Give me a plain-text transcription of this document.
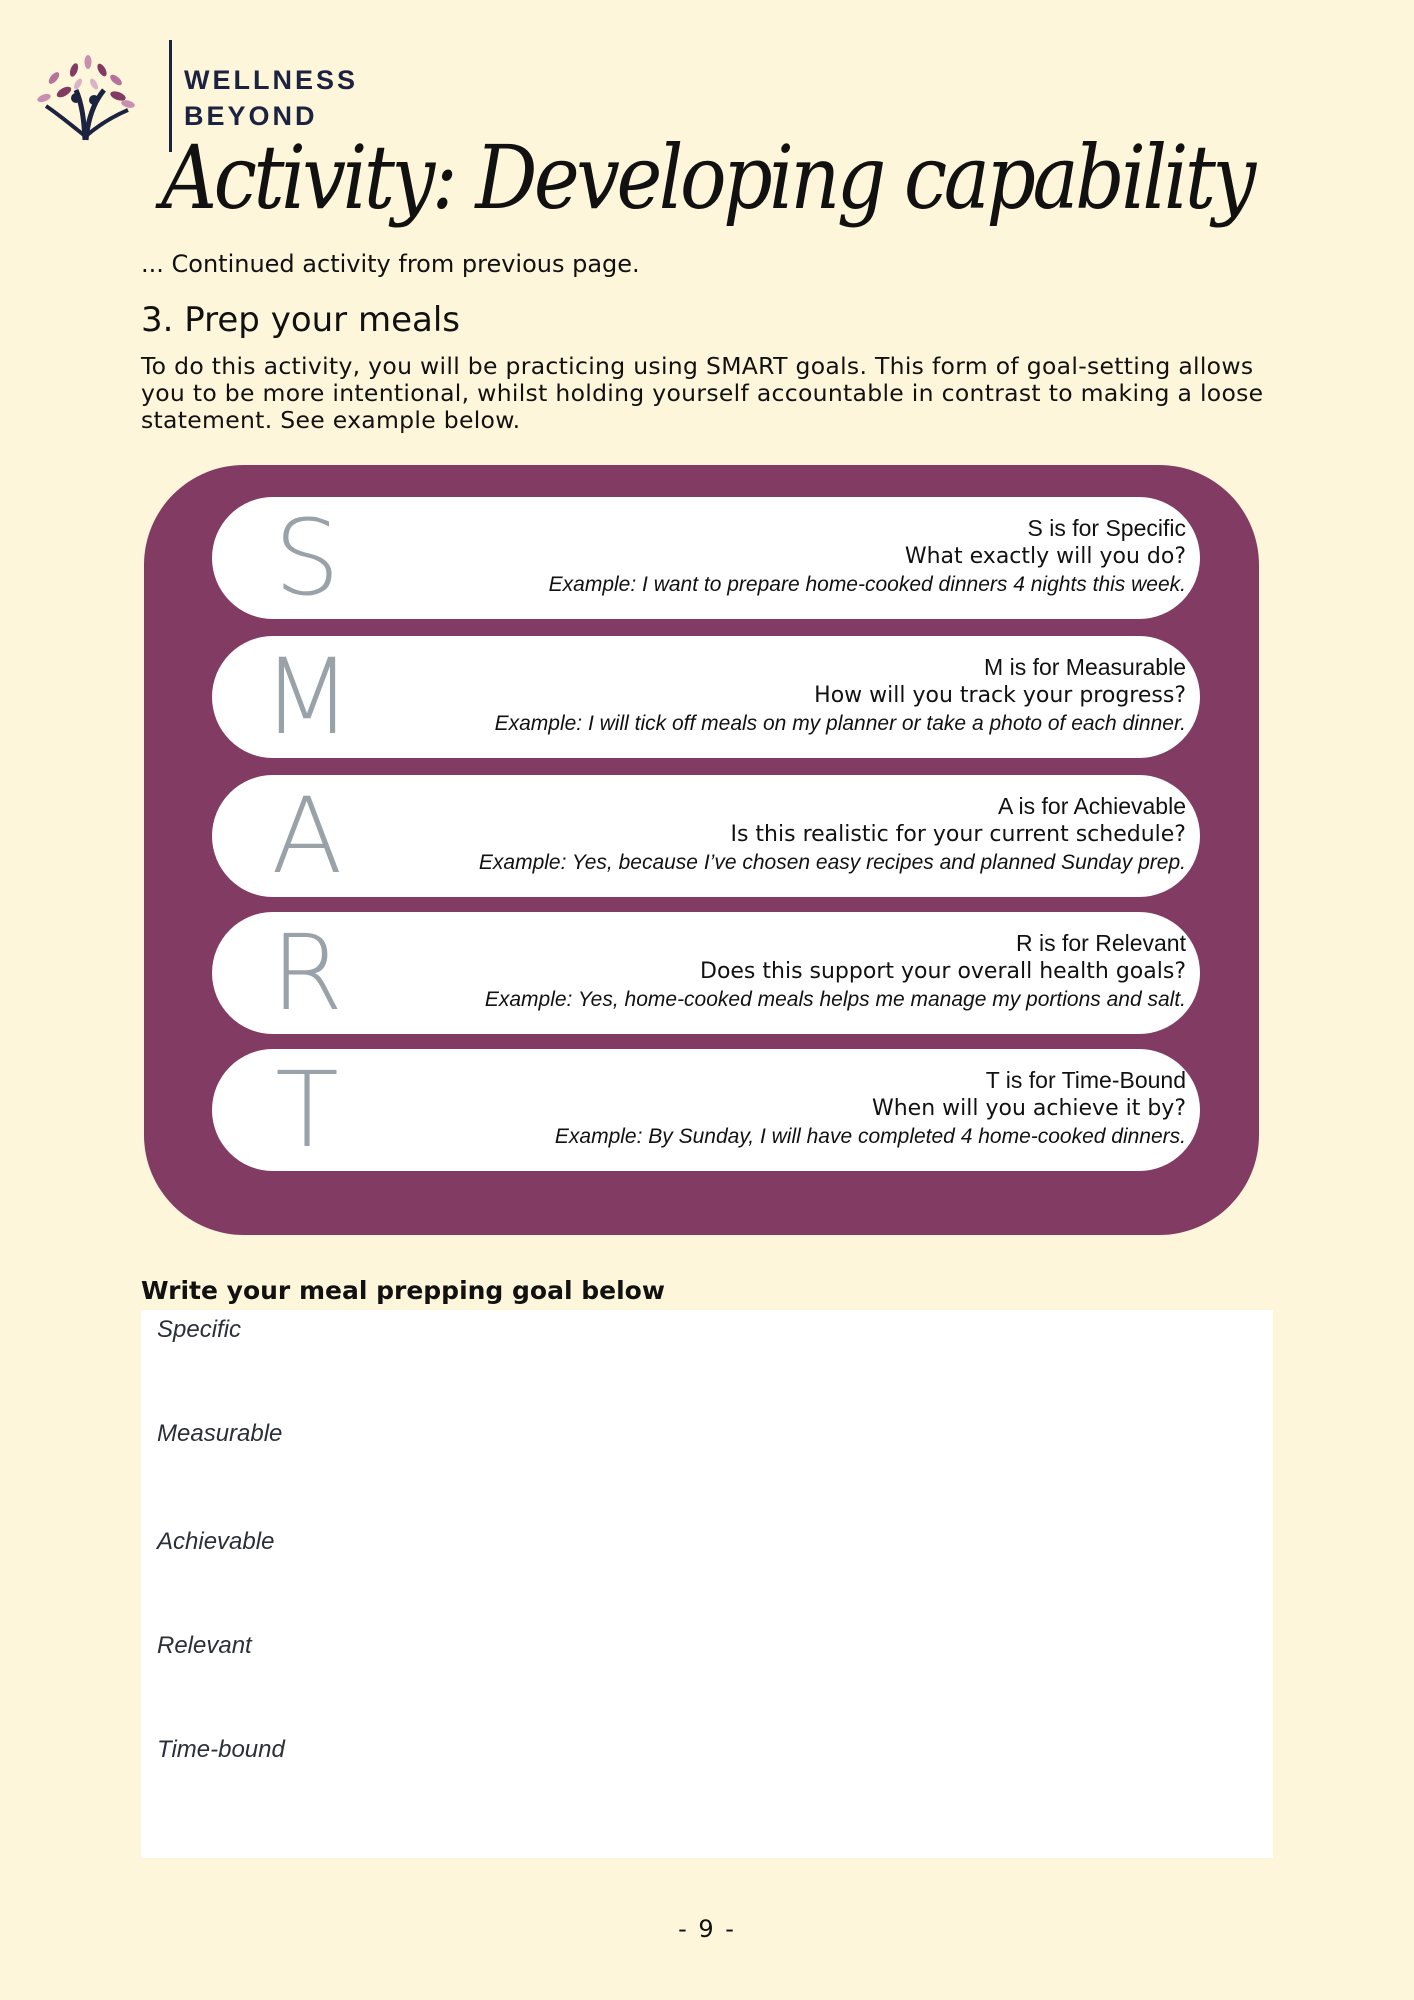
WELLNESS
BEYOND
Activity: Developing capability
... Continued activity from previous page.
3. Prep your meals
To do this activity, you will be practicing using SMART goals. This form of goal-setting allows you to be more intentional, whilst holding yourself accountable in contrast to making a loose statement. See example below.
S	S is for Specific
What exactly will you do?
Example: I want to prepare home-cooked dinners 4 nights this week.
M	M is for Measurable
How will you track your progress?
Example: I will tick off meals on my planner or take a photo of each dinner.
A	A is for Achievable
Is this realistic for your current schedule?
Example: Yes, because I’ve chosen easy recipes and planned Sunday prep.
R	R is for Relevant
Does this support your overall health goals?
Example: Yes, home-cooked meals helps me manage my portions and salt.
T	T is for Time-Bound
When will you achieve it by?
Example: By Sunday, I will have completed 4 home-cooked dinners.
Write your meal prepping goal below
Specific
Measurable
Achievable
Relevant
Time-bound
- 9 -
